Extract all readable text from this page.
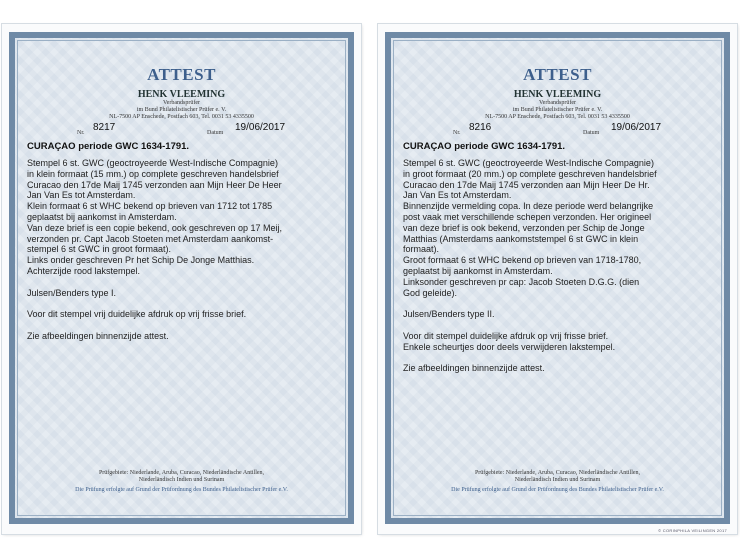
ATTEST
HENK VLEEMING
Verbandsprüfer
im Bund Philatelistischer Prüfer e. V.
NL-7500 AP Enschede, Postfach 603, Tel. 0031 53 4335500
Nr. 8217	Datum 19/06/2017
CURAÇAO periode GWC 1634-1791.

Stempel 6 st. GWC (geoctroyeerde West-Indische Compagnie)

in klein formaat (15 mm.) op complete geschreven handelsbrief

Curacao den 17de Maij 1745 verzonden aan Mijn Heer De Heer

Jan Van Es tot Amsterdam.

Klein formaat 6 st WHC bekend op brieven van 1712 tot 1785

geplaatst bij aankomst in Amsterdam.

Van deze brief is een copie bekend, ook geschreven op 17 Meij,

verzonden pr. Capt Jacob Stoeten met Amsterdam aankomst-

stempel 6 st GWC in groot formaat).

Links onder geschreven Pr het Schip De Jonge Matthias.

Achterzijde rood lakstempel.

Julsen/Benders type I.

Voor dit stempel vrij duidelijke afdruk op vrij frisse brief.

Zie afbeeldingen binnenzijde attest.

Prüfgebiete: Niederlande, Aruba, Curacao, Niederländische Antillen,
Niederländisch Indien und Surinam
Die Prüfung erfolgte auf Grund der Prüfordnung des Bundes Philatelistischer Prüfer e.V.
ATTEST
HENK VLEEMING
Verbandsprüfer
im Bund Philatelistischer Prüfer e. V.
NL-7500 AP Enschede, Postfach 603, Tel. 0031 53 4335500
Nr. 8216	Datum 19/06/2017
CURAÇAO periode GWC 1634-1791.

Stempel 6 st. GWC (geoctroyeerde West-Indische Compagnie)

in groot formaat (20 mm.) op complete geschreven handelsbrief

Curacao den 17de Maij 1745 verzonden aan Mijn Heer De Hr.

Jan Van Es tot Amsterdam.

Binnenzijde vermelding copa. In deze periode werd belangrijke

post vaak met verschillende schepen verzonden. Her origineel

van deze brief is ook bekend, verzonden per Schip de Jonge

Matthias (Amsterdams aankomststempel 6 st GWC in klein

formaat).

Groot formaat 6 st WHC bekend op brieven van 1718-1780,

geplaatst bij aankomst in Amsterdam.

Linksonder geschreven pr cap: Jacob Stoeten D.G.G. (dien

God geleide).

Julsen/Benders type II.

Voor dit stempel duidelijke afdruk op vrij frisse brief.

Enkele scheurtjes door deels verwijderen lakstempel.

Zie afbeeldingen binnenzijde attest.

Prüfgebiete: Niederlande, Aruba, Curacao, Niederländische Antillen,
Niederländisch Indien und Surinam
Die Prüfung erfolgte auf Grund der Prüfordnung des Bundes Philatelistischer Prüfer e.V.
© CORINPHILA VEILINGEN 2017
